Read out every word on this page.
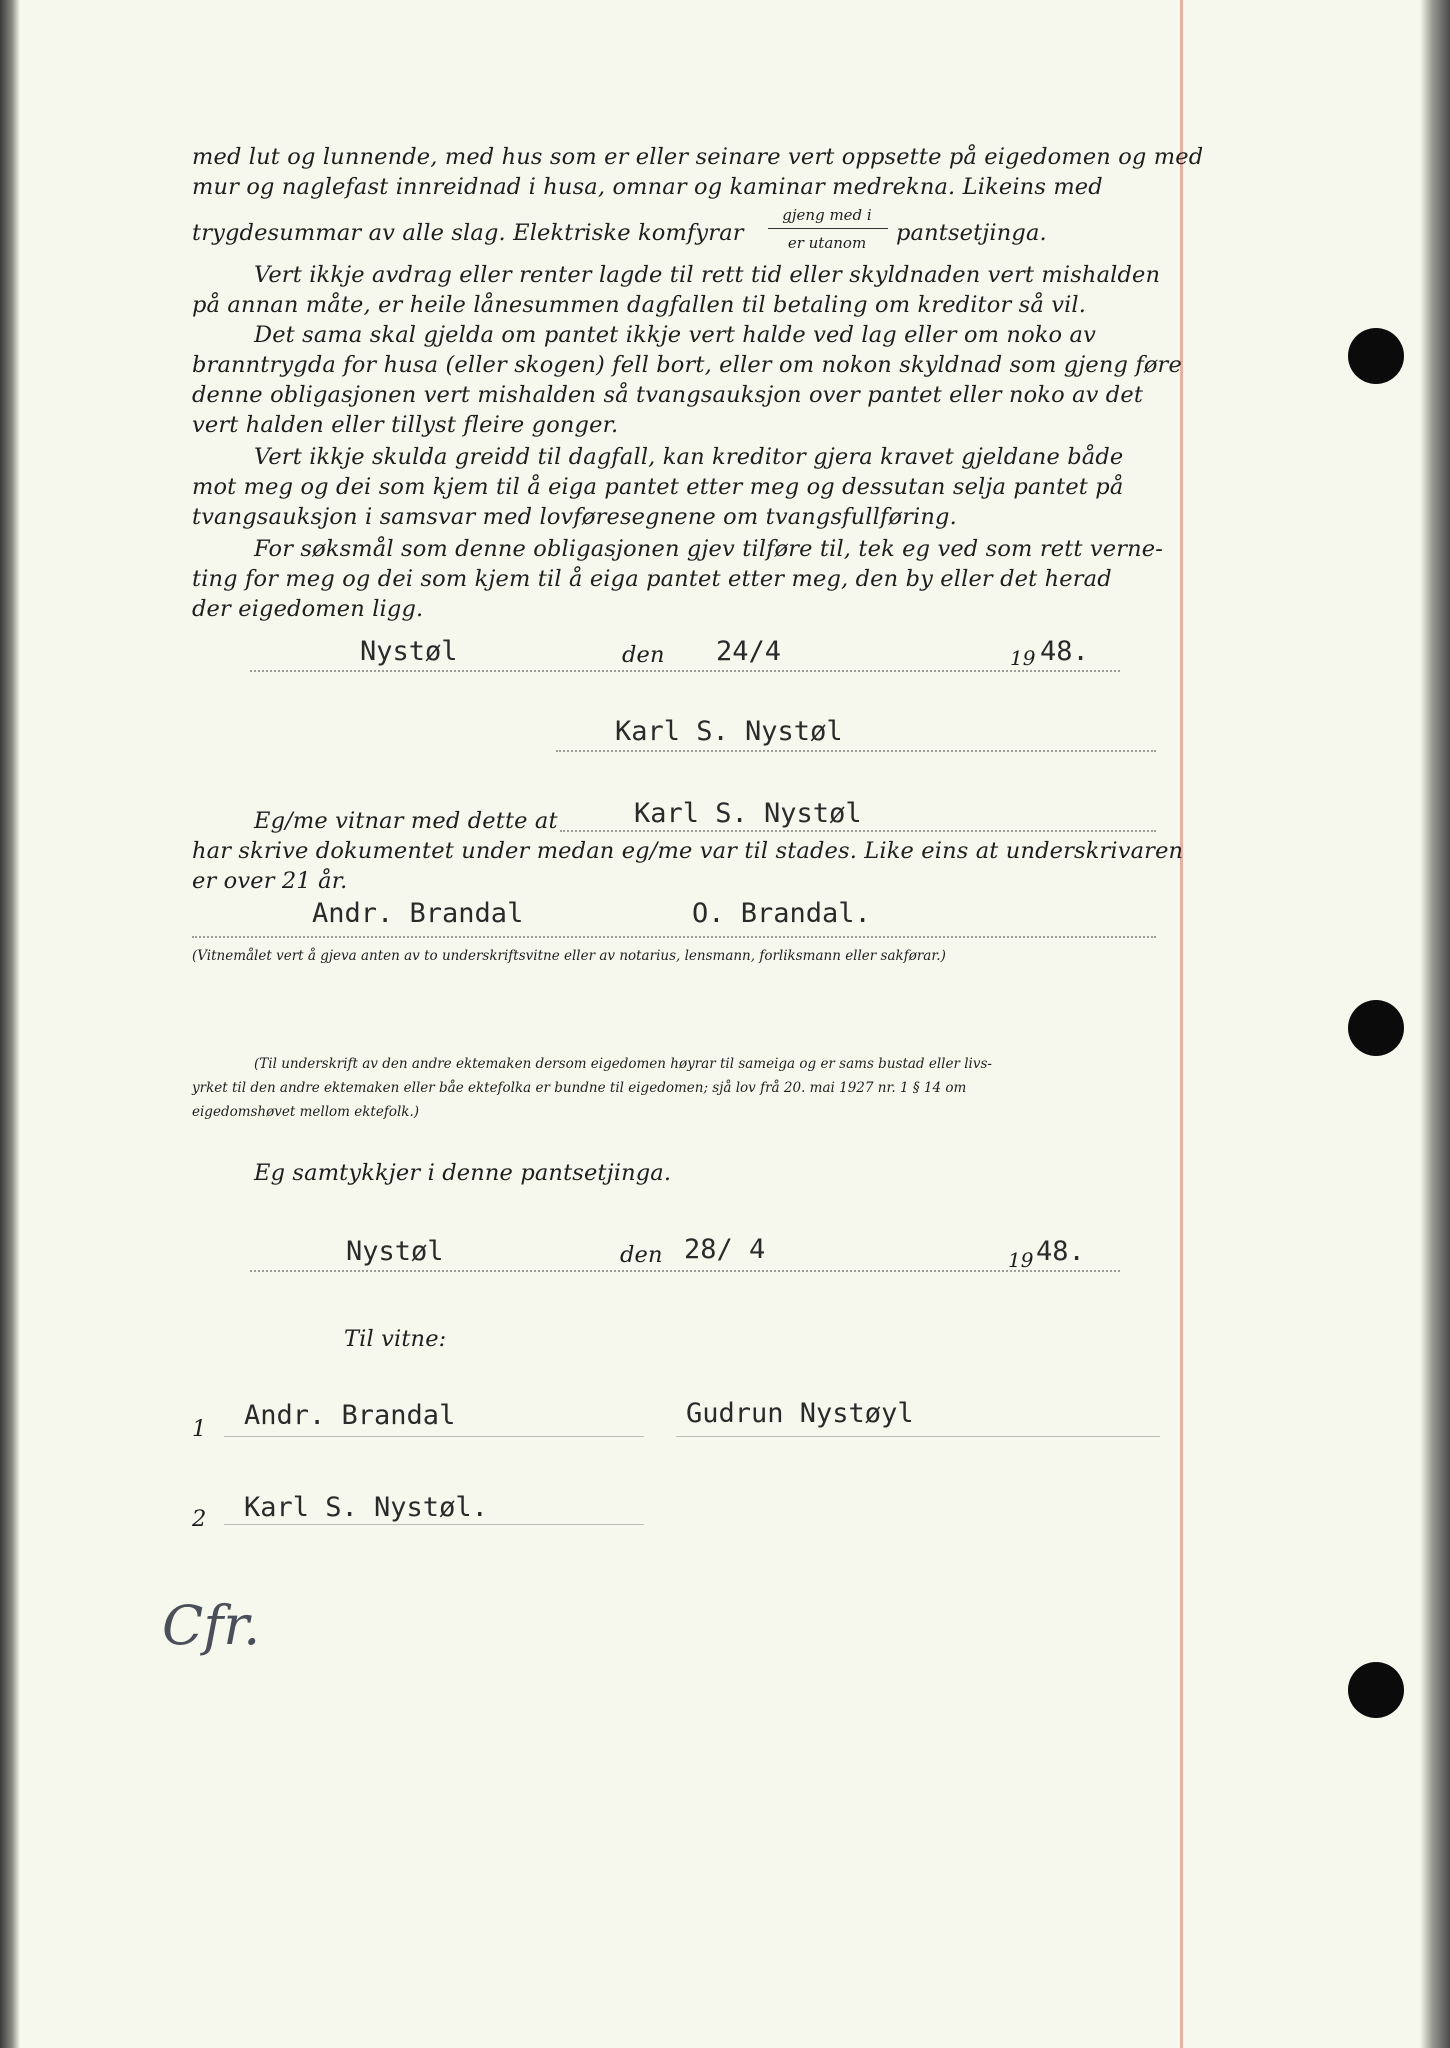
med lut og lunnende, med hus som er eller seinare vert oppsette på eigedomen og med

mur og naglefast innreidnad i husa, omnar og kaminar medrekna. Likeins med

trygdesummar av alle slag. Elektriske komfyrar

gjeng med i
er utanom	pantsetjinga.

Vert ikkje avdrag eller renter lagde til rett tid eller skyldnaden vert mishalden

på annan måte, er heile lånesummen dagfallen til betaling om kreditor så vil.

Det sama skal gjelda om pantet ikkje vert halde ved lag eller om noko av

branntrygda for husa (eller skogen) fell bort, eller om nokon skyldnad som gjeng føre

denne obligasjonen vert mishalden så tvangsauksjon over pantet eller noko av det

vert halden eller tillyst fleire gonger.

Vert ikkje skulda greidd til dagfall, kan kreditor gjera kravet gjeldane både

mot meg og dei som kjem til å eiga pantet etter meg og dessutan selja pantet på

tvangsauksjon i samsvar med lovføresegnene om tvangsfullføring.

For søksmål som denne obligasjonen gjev tilføre til, tek eg ved som rett verne-

ting for meg og dei som kjem til å eiga pantet etter meg, den by eller det herad

der eigedomen ligg.

Nystøl	den 24/4	19 48.

Karl S. Nystøl

Eg/me vitnar med dette at	Karl S. Nystøl

har skrive dokumentet under medan eg/me var til stades. Like eins at underskrivaren

er over 21 år.

Andr. Brandal	O. Brandal.

(Vitnemålet vert å gjeva anten av to underskriftsvitne eller av notarius, lensmann, forliksmann eller sakførar.)

(Til underskrift av den andre ektemaken dersom eigedomen høyrar til sameiga og er sams bustad eller livs-

yrket til den andre ektemaken eller båe ektefolka er bundne til eigedomen; sjå lov frå 20. mai 1927 nr. 1 § 14 om

eigedomshøvet mellom ektefolk.)

Eg samtykkjer i denne pantsetjinga.

Nystøl	den 28/ 4	19 48.

Til vitne:

1 Andr. Brandal	Gudrun Nystøyl

2 Karl S. Nystøl.

Cfr.
